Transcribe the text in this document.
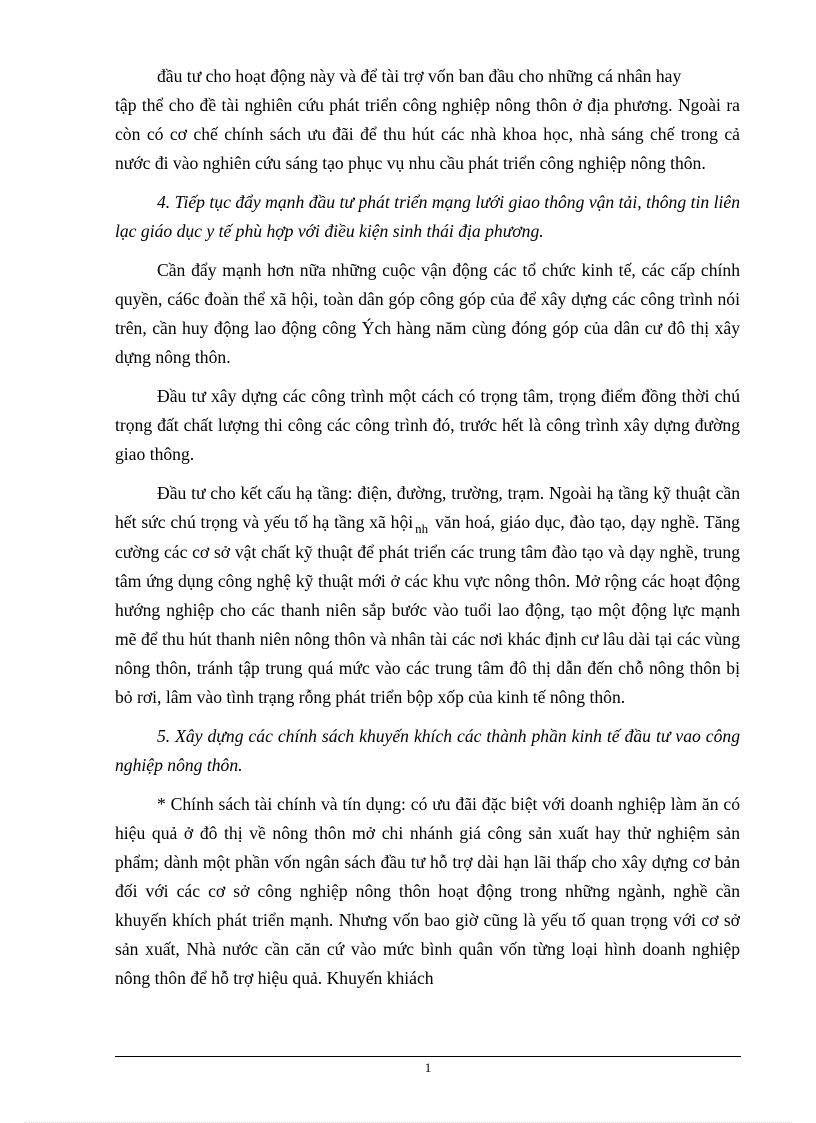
đầu tư cho hoạt động này và để tài trợ vốn ban đầu cho những cá nhân hay
tập thể cho đề tài nghiên cứu phát triển công nghiệp nông thôn ở địa phương. Ngoài ra còn có cơ chế chính sách ưu đãi để thu hút các nhà khoa học, nhà sáng chế trong cả nước đi vào nghiên cứu sáng tạo phục vụ nhu cầu phát triển công nghiệp nông thôn.

4. Tiếp tục đẩy mạnh đầu tư phát triển mạng lưới giao thông vận tải, thông tin liên lạc giáo dục y tế phù hợp với điều kiện sinh thái địa phương.

Cần đẩy mạnh hơn nữa những cuộc vận động các tổ chức kinh tế, các cấp chính quyền, cá6c đoàn thể xã hội, toàn dân góp công góp của để xây dựng các công trình nói trên, cần huy động lao động công Ých hàng năm cùng đóng góp của dân cư đô thị xây dựng nông thôn.

Đầu tư xây dựng các công trình một cách có trọng tâm, trọng điểm đồng thời chú trọng đất chất lượng thi công các công trình đó, trước hết là công trình xây dựng đường giao thông.

Đầu tư cho kết cấu hạ tầng: điện, đường, trường, trạm. Ngoài hạ tầng kỹ thuật cần hết sức chú trọng và yếu tố hạ tầng xã hội $_{nh}$ văn hoá, giáo dục, đào tạo, dạy nghề. Tăng cường các cơ sở vật chất kỹ thuật để phát triển các trung tâm đào tạo và dạy nghề, trung tâm ứng dụng công nghệ kỹ thuật mới ở các khu vực nông thôn. Mở rộng các hoạt động hướng nghiệp cho các thanh niên sắp bước vào tuổi lao động, tạo một động lực mạnh mẽ để thu hút thanh niên nông thôn và nhân tài các nơi khác định cư lâu dài tại các vùng nông thôn, tránh tập trung quá mức vào các trung tâm đô thị dẫn đến chỗ nông thôn bị bỏ rơi, lâm vào tình trạng rỗng phát triển bộp xốp của kinh tế nông thôn.

5. Xây dựng các chính sách khuyến khích các thành phần kinh tế đầu tư vao công nghiệp nông thôn.

* Chính sách tài chính và tín dụng: có ưu đãi đặc biệt với doanh nghiệp làm ăn có hiệu quả ở đô thị về nông thôn mở chi nhánh giá công sản xuất hay thử nghiệm sản phẩm; dành một phần vốn ngân sách đầu tư hỗ trợ dài hạn lãi thấp cho xây dựng cơ bản đối với các cơ sở công nghiệp nông thôn hoạt động trong những ngành, nghề cần khuyến khích phát triển mạnh. Nhưng vốn bao giờ cũng là yếu tố quan trọng với cơ sở sản xuất, Nhà nước cần căn cứ vào mức bình quân vốn từng loại hình doanh nghiệp nông thôn để hỗ trợ hiệu quả. Khuyến khiách

1
